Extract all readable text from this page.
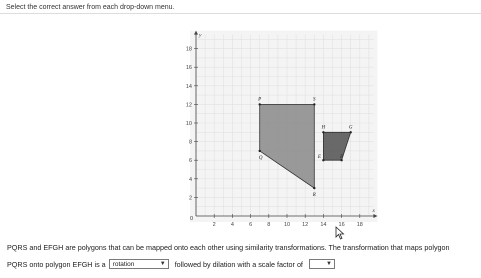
Select the correct answer from each drop-down menu.
2	4	6	8 10 12 14 16 18
2
4
6
8
10
12
14
16
18
0
x
y
P	S
R
Q
H	G
F
E
PQRS and EFGH are polygons that can be mapped onto each other using similarity transformations. The transformation that maps polygon
PQRS onto polygon EFGH is a rotation	▼ followed by dilation with a scale factor of	▼
